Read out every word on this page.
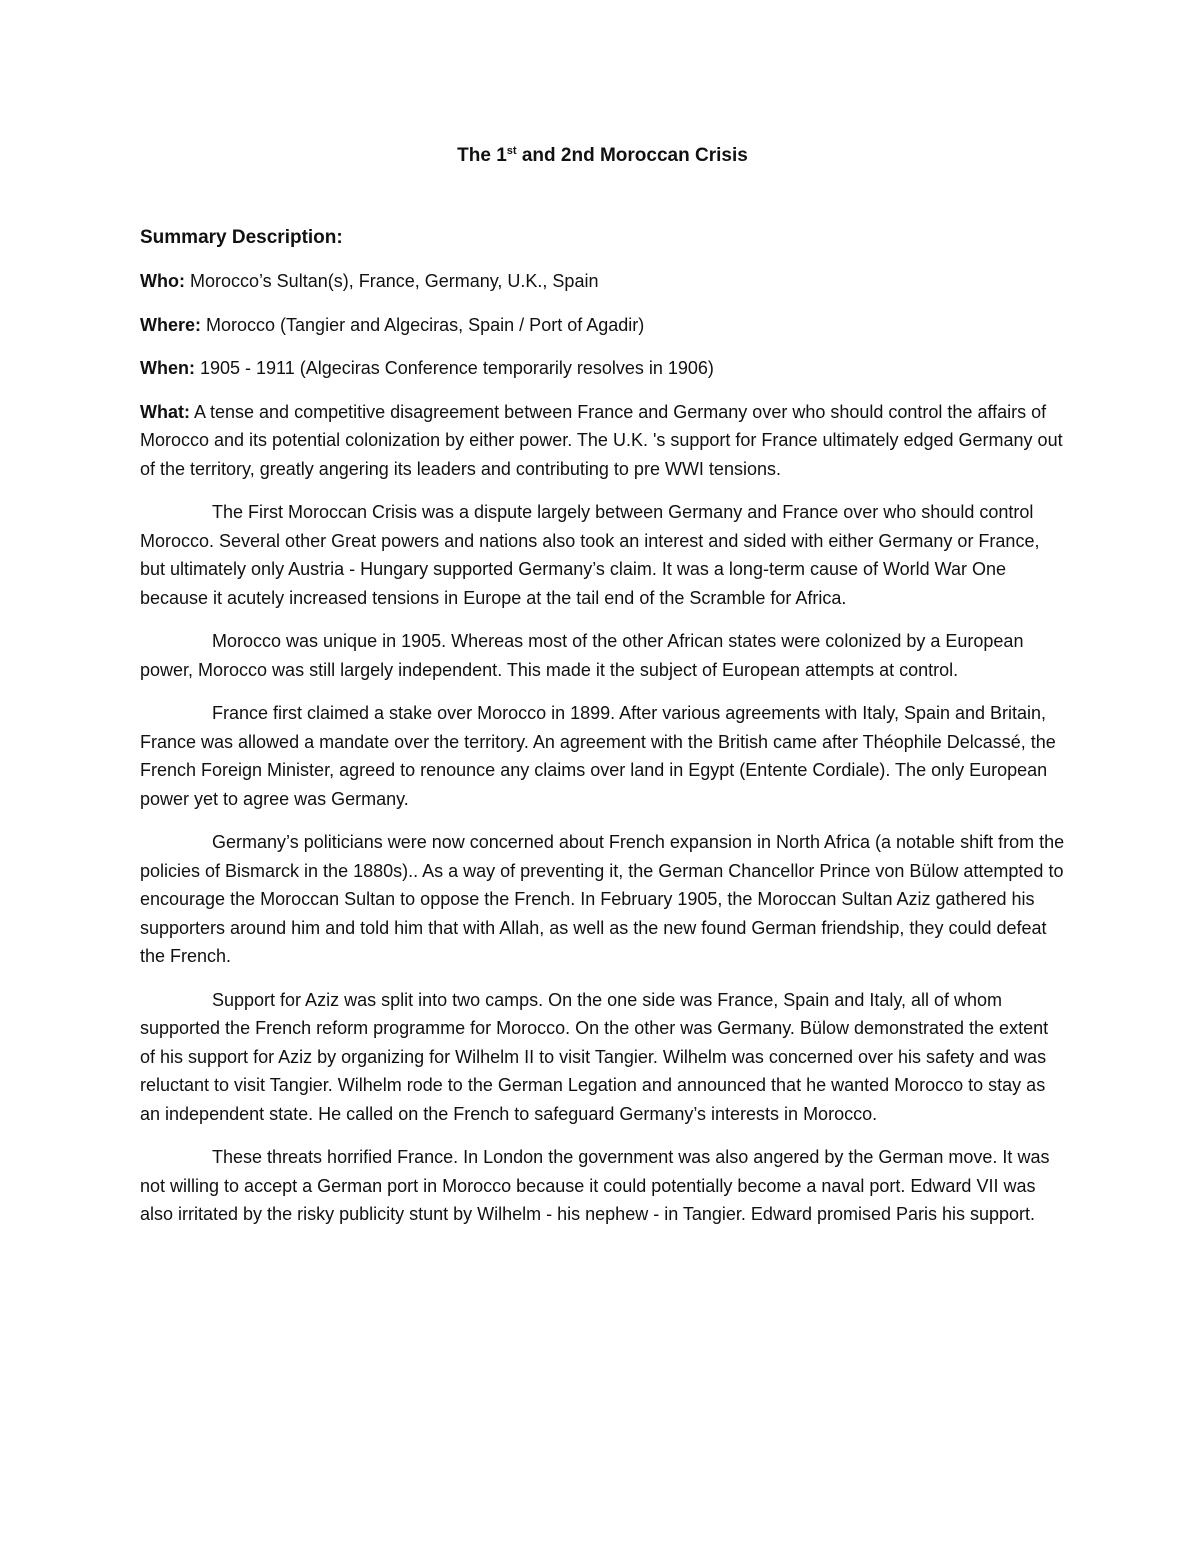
The 1st and 2nd Moroccan Crisis
Summary Description:
Who: Morocco’s Sultan(s), France, Germany, U.K., Spain
Where: Morocco (Tangier and Algeciras, Spain / Port of Agadir)
When: 1905 - 1911 (Algeciras Conference temporarily resolves in 1906)
What: A tense and competitive disagreement between France and Germany over who should control the affairs of Morocco and its potential colonization by either power. The U.K. 's support for France ultimately edged Germany out of the territory, greatly angering its leaders and contributing to pre WWI tensions.

The First Moroccan Crisis was a dispute largely between Germany and France over who should control Morocco. Several other Great powers and nations also took an interest and sided with either Germany or France, but ultimately only Austria - Hungary supported Germany’s claim. It was a long-term cause of World War One because it acutely increased tensions in Europe at the tail end of the Scramble for Africa.

Morocco was unique in 1905. Whereas most of the other African states were colonized by a European power, Morocco was still largely independent. This made it the subject of European attempts at control.

France first claimed a stake over Morocco in 1899. After various agreements with Italy, Spain and Britain, France was allowed a mandate over the territory. An agreement with the British came after Théophile Delcassé, the French Foreign Minister, agreed to renounce any claims over land in Egypt (Entente Cordiale). The only European power yet to agree was Germany.

Germany’s politicians were now concerned about French expansion in North Africa (a notable shift from the policies of Bismarck in the 1880s).. As a way of preventing it, the German Chancellor Prince von Bülow attempted to encourage the Moroccan Sultan to oppose the French. In February 1905, the Moroccan Sultan Aziz gathered his supporters around him and told him that with Allah, as well as the new found German friendship, they could defeat the French.

Support for Aziz was split into two camps. On the one side was France, Spain and Italy, all of whom supported the French reform programme for Morocco. On the other was Germany. Bülow demonstrated the extent of his support for Aziz by organizing for Wilhelm II to visit Tangier. Wilhelm was concerned over his safety and was reluctant to visit Tangier. Wilhelm rode to the German Legation and announced that he wanted Morocco to stay as an independent state. He called on the French to safeguard Germany’s interests in Morocco.

These threats horrified France. In London the government was also angered by the German move. It was not willing to accept a German port in Morocco because it could potentially become a naval port. Edward VII was also irritated by the risky publicity stunt by Wilhelm - his nephew - in Tangier. Edward promised Paris his support.
